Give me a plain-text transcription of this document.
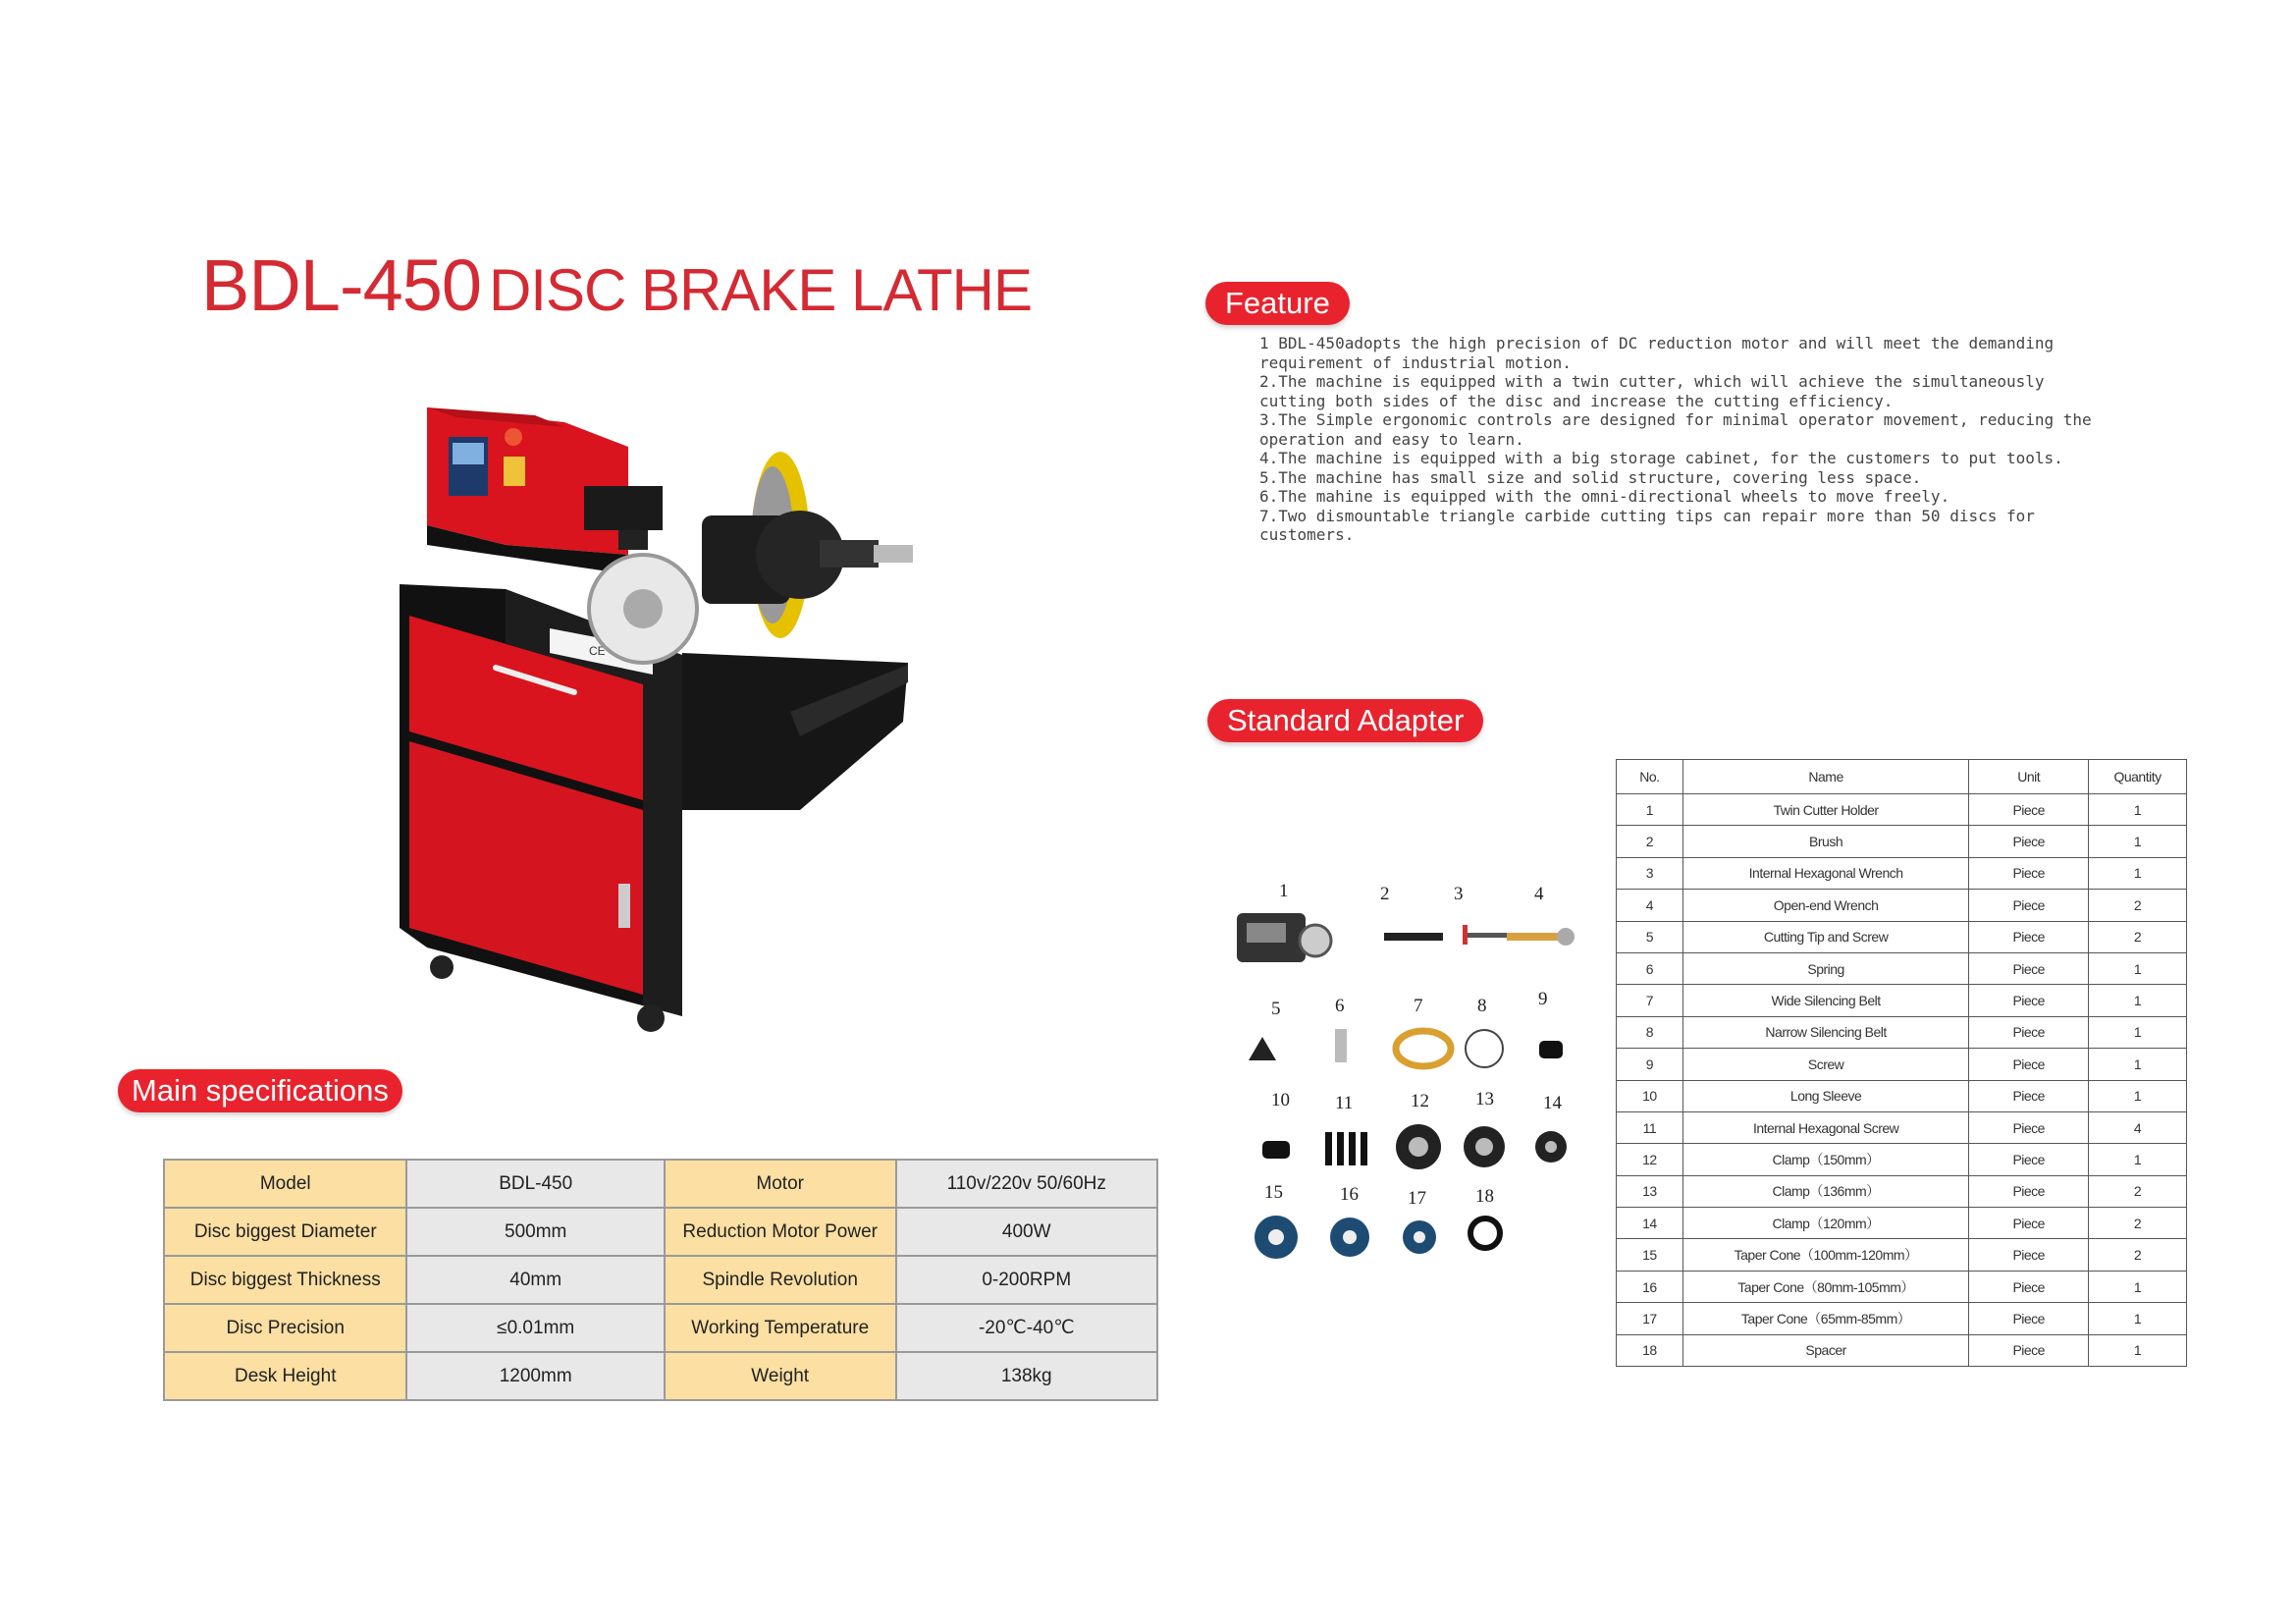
BDL-450 DISC BRAKE LATHE	Feature
1 BDL-450adopts the high precision of DC reduction motor and will meet the demanding
requirement of industrial motion.
2.The machine is equipped with a twin cutter, which will achieve the simultaneously
cutting both sides of the disc and increase the cutting efficiency.
3.The Simple ergonomic controls are designed for minimal operator movement, reducing the
operation and easy to learn.
4.The machine is equipped with a big storage cabinet, for the customers to put tools.
5.The machine has small size and solid structure, covering less space.
6.The mahine is equipped with the omni-directional wheels to move freely.
7.Two dismountable triangle carbide cutting tips can repair more than 50 discs for
customers.
Standard Adapter
CE
1	2	3	4
5	6	7	8	9
10 11	12 13	14
15	16	17	18
No.	Name	Unit	Quantity
1	Twin Cutter Holder	Piece	1
2	Brush	Piece	1
3	Internal Hexagonal Wrench	Piece	1
4	Open-end Wrench	Piece	2
5	Cutting Tip and Screw	Piece	2
6	Spring	Piece	1
7	Wide Silencing Belt	Piece	1
8	Narrow Silencing Belt	Piece	1
9	Screw	Piece	1
10	Long Sleeve	Piece	1
11	Internal Hexagonal Screw	Piece	4
12	Clamp（150mm）	Piece	1
13	Clamp（136mm）	Piece	2
14	Clamp（120mm）	Piece	2
15	Taper Cone（100mm-120mm）	Piece	2
16	Taper Cone（80mm-105mm）	Piece	1
17	Taper Cone（65mm-85mm）	Piece	1
18	Spacer	Piece	1
Main specifications
Model	BDL-450	Motor	110v/220v 50/60Hz
Disc biggest Diameter	500mm	Reduction Motor Power	400W
Disc biggest Thickness	40mm	Spindle Revolution	0-200RPM
Disc Precision	≤0.01mm	Working Temperature	-20℃-40℃
Desk Height	1200mm	Weight	138kg
